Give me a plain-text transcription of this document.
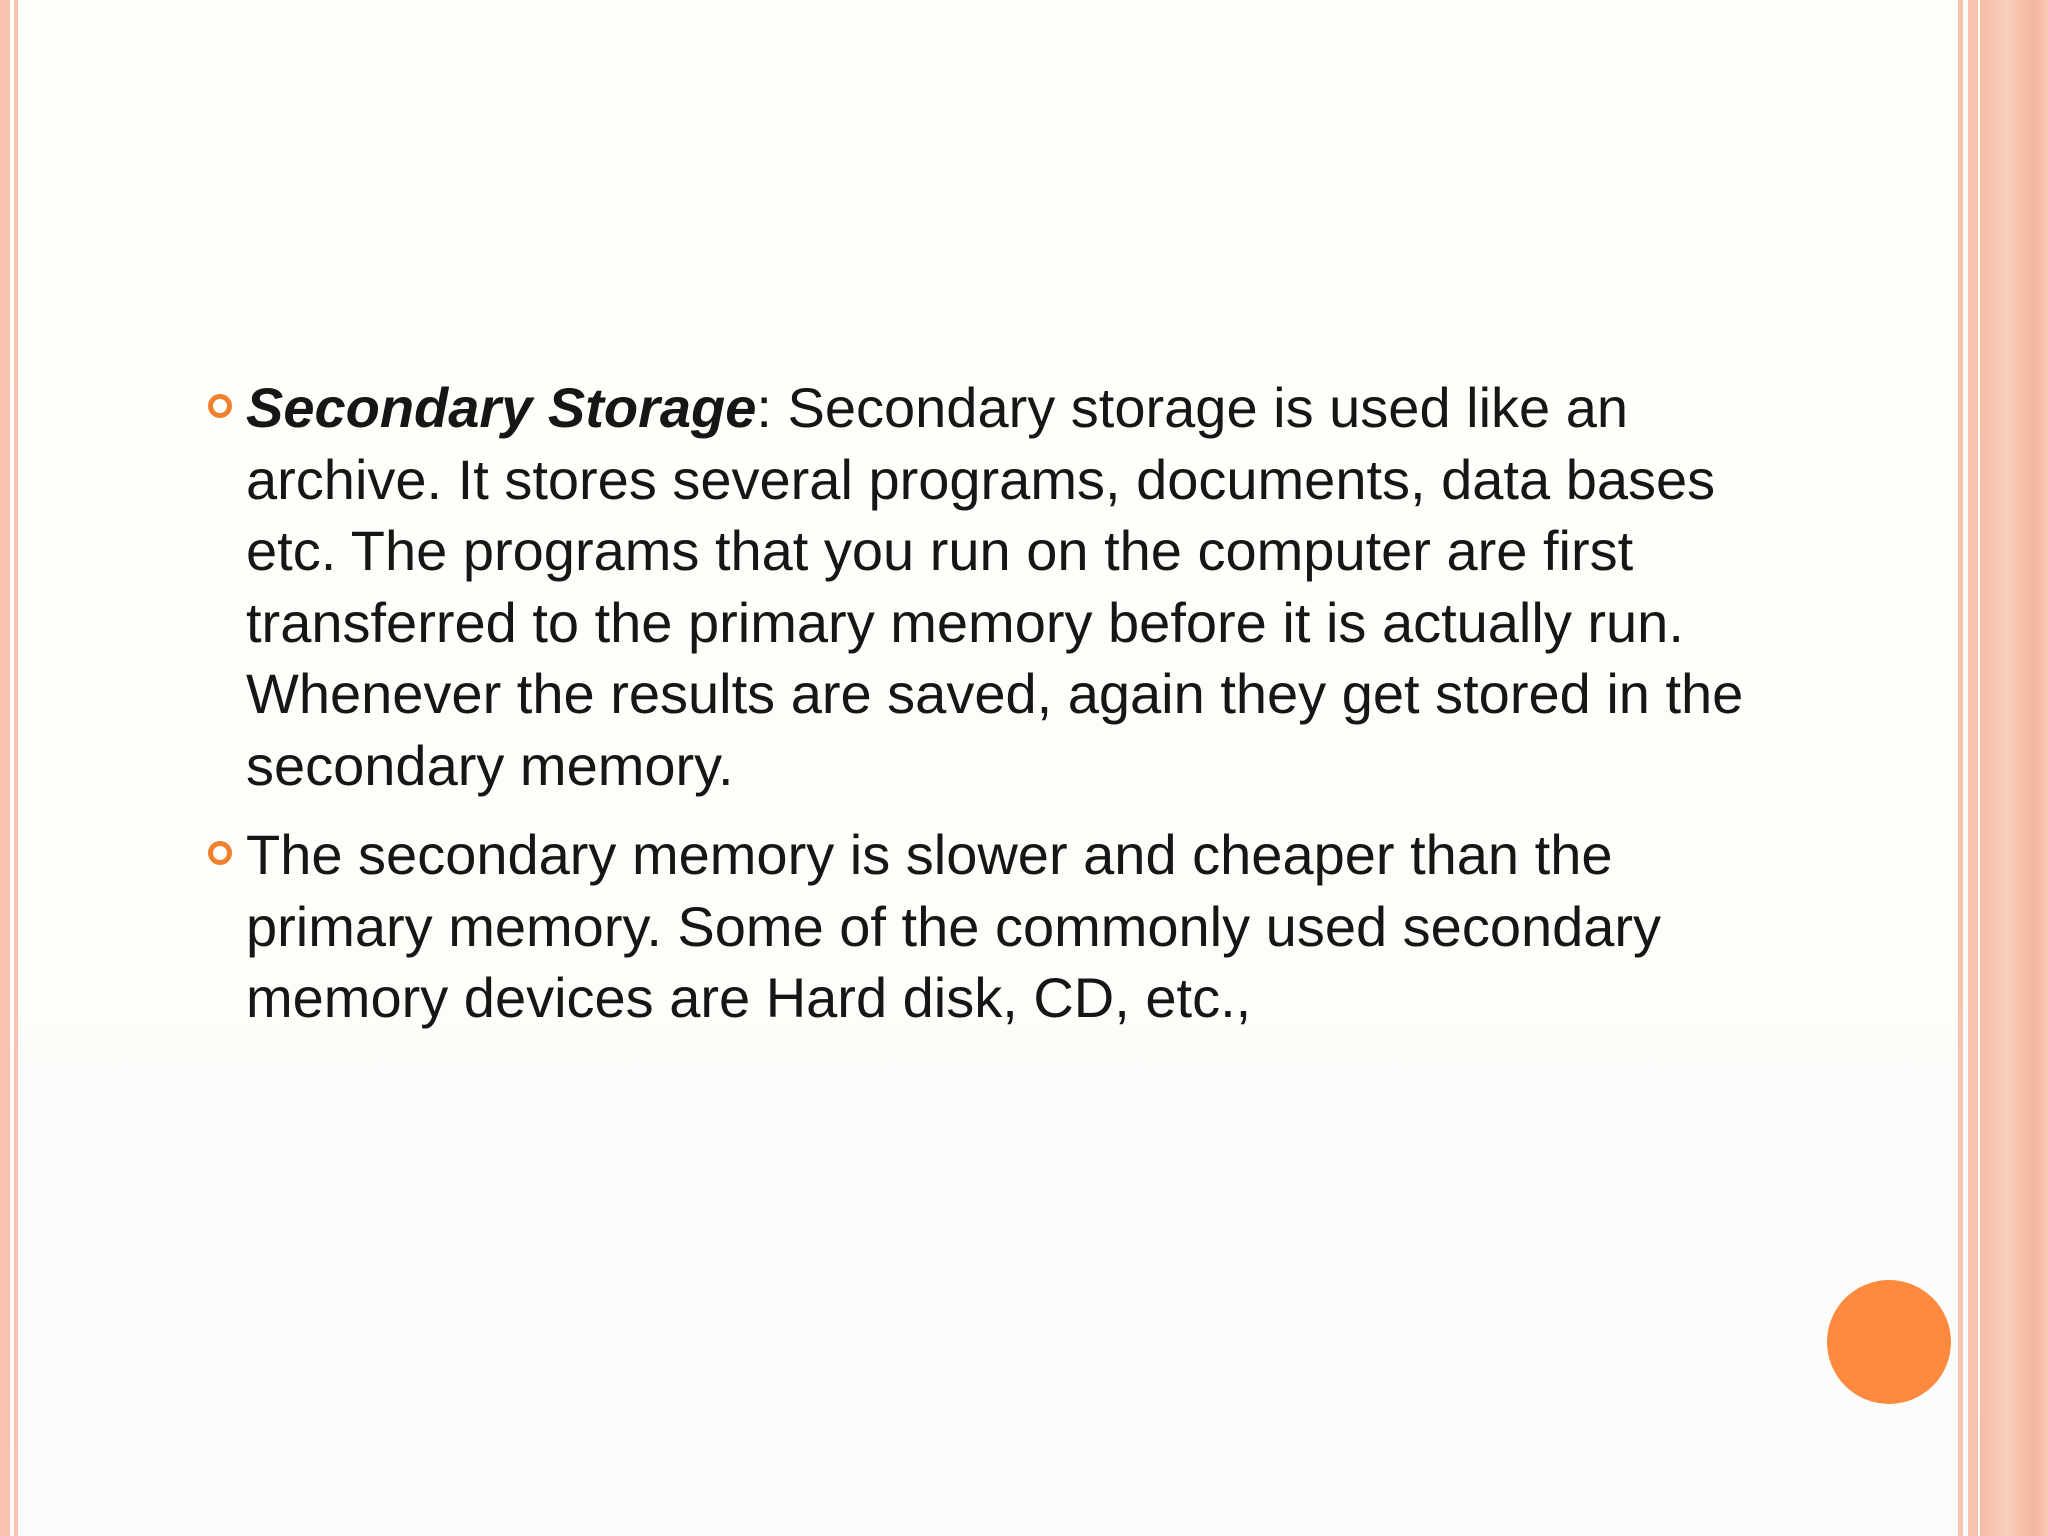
Secondary Storage: Secondary storage is used like an archive. It stores several programs, documents, data bases etc. The programs that you run on the computer are first transferred to the primary memory before it is actually run. Whenever the results are saved, again they get stored in the secondary memory.
The secondary memory is slower and cheaper than the primary memory. Some of the commonly used secondary memory devices are Hard disk, CD, etc.,
